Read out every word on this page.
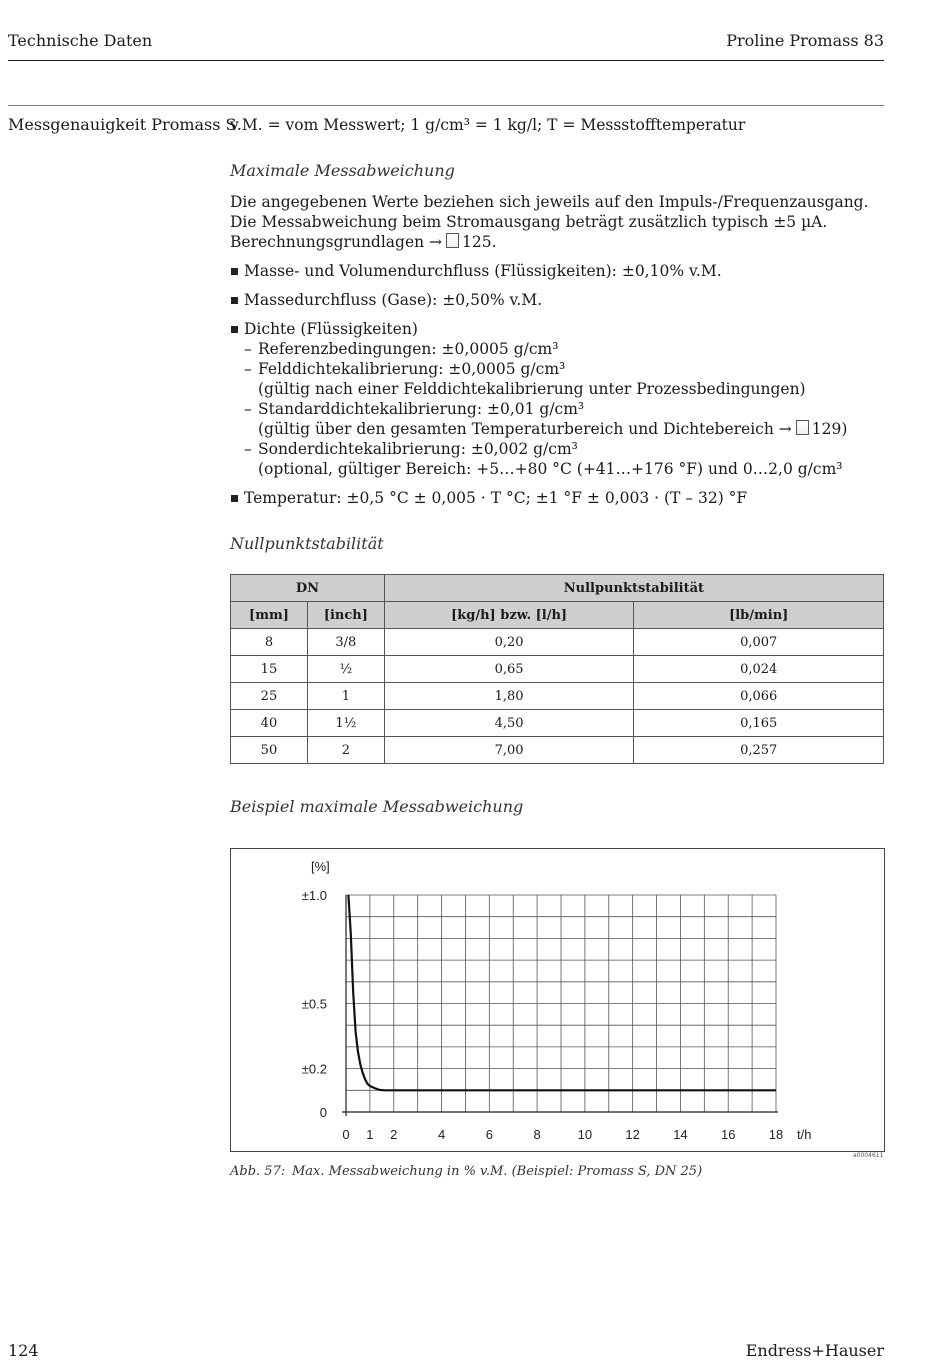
Technische Daten	Proline Promass 83
Messgenauigkeit Promass S

v.M. = vom Messwert; 1 g/cm³ = 1 kg/l; T = Messstofftemperatur

Maximale Messabweichung

Die angegebenen Werte beziehen sich jeweils auf den Impuls-/Frequenzausgang.
Die Messabweichung beim Stromausgang beträgt zusätzlich typisch ±5 µA.
Berechnungsgrundlagen → 125.
Masse- und Volumendurchfluss (Flüssigkeiten): ±0,10% v.M.
Massedurchfluss (Gase): ±0,50% v.M.
Dichte (Flüssigkeiten)
– Referenzbedingungen: ±0,0005 g/cm³
– Felddichtekalibrierung: ±0,0005 g/cm³
(gültig nach einer Felddichtekalibrierung unter Prozessbedingungen)
– Standarddichtekalibrierung: ±0,01 g/cm³
(gültig über den gesamten Temperaturbereich und Dichtebereich → 129)
– Sonderdichtekalibrierung: ±0,002 g/cm³
(optional, gültiger Bereich: +5…+80 °C (+41…+176 °F) und 0…2,0 g/cm³
Temperatur: ±0,5 °C ± 0,005 · T °C; ±1 °F ± 0,003 · (T – 32) °F

Nullpunktstabilität

DN		Nullpunktstabilität	
[mm]	[inch]	[kg/h] bzw. [l/h]	[lb/min]
8	3/8	0,20	0,007
15	½	0,65	0,024
25	1	1,80	0,066
40	1½	4,50	0,165
50	2	7,00	0,257
Beispiel maximale Messabweichung
0
±0.2
±0.5
±1.0
[%]
0 1 2	4	6	8	10	12	14	16	18 t/h
a0004611
Abb. 57: Max. Messabweichung in % v.M. (Beispiel: Promass S, DN 25)
124	Endress+Hauser
